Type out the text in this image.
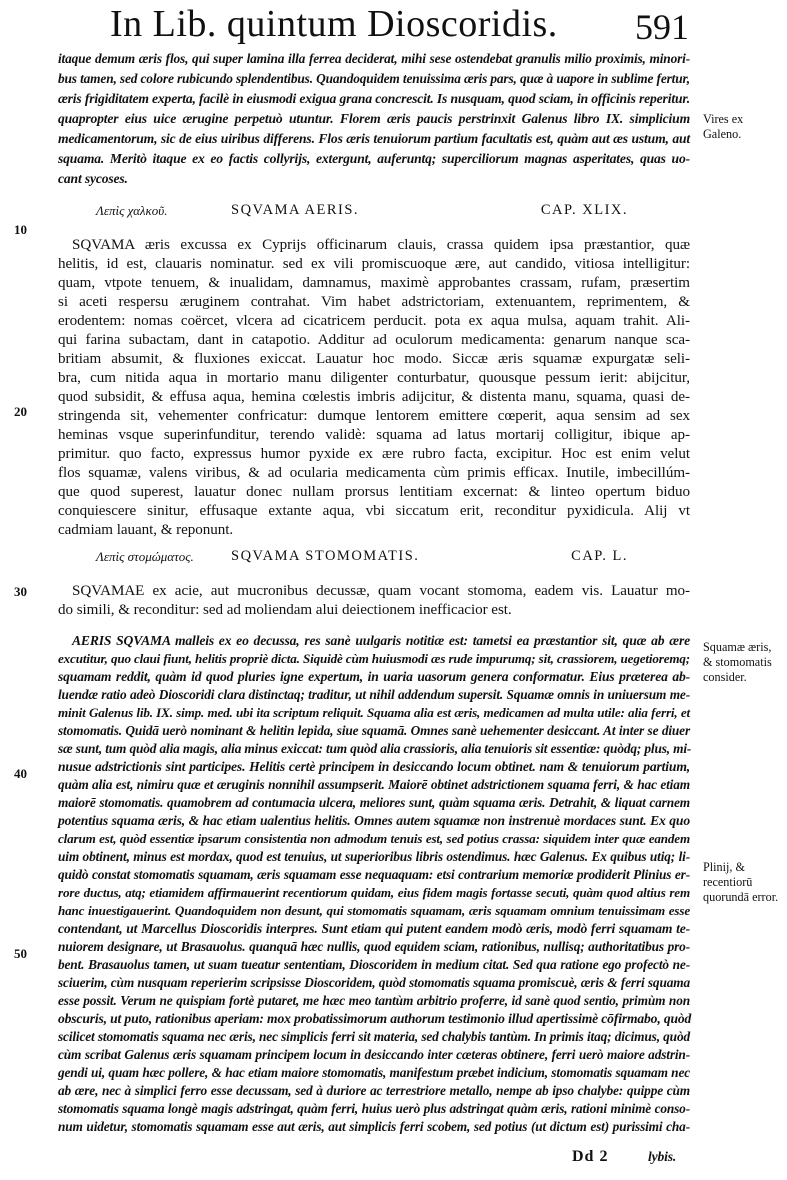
In Lib. quintum Dioscoridis. 591

itaque demum æris flos, qui super lamina illa ferrea deciderat, mihi sese ostendebat granulis milio proximis, minori-

bus tamen, sed colore rubicundo splendentibus. Quandoquidem tenuissima æris pars, quæ à uapore in sublime fertur,

æris frigiditatem experta, facilè in eiusmodi exigua grana concrescit. Is nusquam, quod sciam, in officinis reperitur.

quapropter eius uice ærugine perpetuò utuntur. Florem æris paucis perstrinxit Galenus libro IX. simplicium

medicamentorum, sic de eius uiribus differens. Flos æris tenuiorum partium facultatis est, quàm aut æs ustum, aut

squama. Meritò itaque ex eo factis collyrijs, extergunt, auferuntq; superciliorum magnas asperitates, quas uo-

cant sycoses.

Λεπὶς χαλκοῦ.	SQVAMA AERIS.	CAP. XLIX.

SQVAMA æris excussa ex Cyprijs officinarum clauis, crassa quidem ipsa præstantior, quæ

helitis, id est, clauaris nominatur. sed ex vili promiscuoque ære, aut candido, vitiosa intelligitur:

quam, vtpote tenuem, & inualidam, damnamus, maximè approbantes crassam, rufam, præsertim

si aceti respersu æruginem contrahat. Vim habet adstrictoriam, extenuantem, reprimentem, &

erodentem: nomas coërcet, vlcera ad cicatricem perducit. pota ex aqua mulsa, aquam trahit. Ali-

qui farina subactam, dant in catapotio. Additur ad oculorum medicamenta: genarum nanque sca-

britiam absumit, & fluxiones exiccat. Lauatur hoc modo. Siccæ æris squamæ expurgatæ seli-

bra, cum nitida aqua in mortario manu diligenter conturbatur, quousque pessum ierit: abijcitur,

quod subsidit, & effusa aqua, hemina cœlestis imbris adijcitur, & distenta manu, squama, quasi de-

stringenda sit, vehementer confricatur: dumque lentorem emittere cœperit, aqua sensim ad sex

heminas vsque superinfunditur, terendo validè: squama ad latus mortarij colligitur, ibique ap-

primitur. quo facto, expressus humor pyxide ex ære rubro facta, excipitur. Hoc est enim velut

flos squamæ, valens viribus, & ad ocularia medicamenta cùm primis efficax. Inutile, imbecillúm-

que quod superest, lauatur donec nullam prorsus lentitiam excernat: & linteo opertum biduo

conquiescere sinitur, effusaque extante aqua, vbi siccatum erit, reconditur pyxidicula. Alij vt

cadmiam lauant, & reponunt.

Λεπὶς στομώματος.	SQVAMA STOMOMATIS.	CAP. L.

SQVAMAE ex acie, aut mucronibus decussæ, quam vocant stomoma, eadem vis. Lauatur mo-

do simili, & reconditur: sed ad moliendam alui deiectionem inefficacior est.

AERIS SQVAMA malleis ex eo decussa, res sanè uulgaris notitiæ est: tametsi ea præstantior sit, quæ ab ære

excutitur, quo claui fiunt, helitis propriè dicta. Siquidè cùm huiusmodi æs rude impurumq; sit, crassiorem, uegetioremq;

squamam reddit, quàm id quod pluries igne expertum, in uaria uasorum genera conformatur. Eius præterea ab-

luendæ ratio adeò Dioscoridi clara distinctaq; traditur, ut nihil addendum supersit. Squamæ omnis in uniuersum me-

minit Galenus lib. IX. simp. med. ubi ita scriptum reliquit. Squama alia est æris, medicamen ad multa utile: alia ferri, et

stomomatis. Quidā uerò nominant & helitin lepida, siue squamā. Omnes sanè uehementer desiccant. At inter se diuer

sæ sunt, tum quòd alia magis, alia minus exiccat: tum quòd alia crassioris, alia tenuioris sit essentiæ: quòdq; plus, mi-

nusue adstrictionis sint participes. Helitis certè principem in desiccando locum obtinet. nam & tenuiorum partium,

quàm alia est, nimiru quæ et æruginis nonnihil assumpserit. Maiorē obtinet adstrictionem squama ferri, & hac etiam

maiorē stomomatis. quamobrem ad contumacia ulcera, meliores sunt, quàm squama æris. Detrahit, & liquat carnem

potentius squama æris, & hac etiam ualentius helitis. Omnes autem squamæ non instrenuè mordaces sunt. Ex quo

clarum est, quòd essentiæ ipsarum consistentia non admodum tenuis est, sed potius crassa: siquidem inter quæ eandem

uim obtinent, minus est mordax, quod est tenuius, ut superioribus libris ostendimus. hæc Galenus. Ex quibus utiq; li-

quidò constat stomomatis squamam, æris squamam esse nequaquam: etsi contrarium memoriæ prodiderit Plinius er-

rore ductus, atq; etiamidem affirmauerint recentiorum quidam, eius fidem magis fortasse secuti, quàm quod altius rem

hanc inuestigauerint. Quandoquidem non desunt, qui stomomatis squamam, æris squamam omnium tenuissimam esse

contendant, ut Marcellus Dioscoridis interpres. Sunt etiam qui putent eandem modò æris, modò ferri squamam te-

nuiorem designare, ut Brasauolus. quanquā hæc nullis, quod equidem sciam, rationibus, nullisq; authoritatibus pro-

bent. Brasauolus tamen, ut suam tueatur sententiam, Dioscoridem in medium citat. Sed qua ratione ego profectò ne-

sciuerim, cùm nusquam reperierim scripsisse Dioscoridem, quòd stomomatis squama promiscuè, æris & ferri squama

esse possit. Verum ne quispiam fortè putaret, me hæc meo tantùm arbitrio proferre, id sanè quod sentio, primùm non

obscuris, ut puto, rationibus aperiam: mox probatissimorum authorum testimonio illud apertissimè cōfirmabo, quòd

scilicet stomomatis squama nec æris, nec simplicis ferri sit materia, sed chalybis tantùm. In primis itaq; dicimus, quòd

cùm scribat Galenus æris squamam principem locum in desiccando inter cæteras obtinere, ferri uerò maiore adstrin-

gendi ui, quam hæc pollere, & hac etiam maiore stomomatis, manifestum præbet indicium, stomomatis squamam nec

ab ære, nec à simplici ferro esse decussam, sed à duriore ac terrestriore metallo, nempe ab ipso chalybe: quippe cùm

stomomatis squama longè magis adstringat, quàm ferri, huius uerò plus adstringat quàm æris, rationi minimè conso-

num uidetur, stomomatis squamam esse aut æris, aut simplicis ferri scobem, sed potius (ut dictum est) purissimi cha-

lybis.

10
20
30
40
50
Vires ex Galeno.
Squamæ æris, & stomomatis consider.
Plinij, & recentiorū quorundā error.
Dd 2
